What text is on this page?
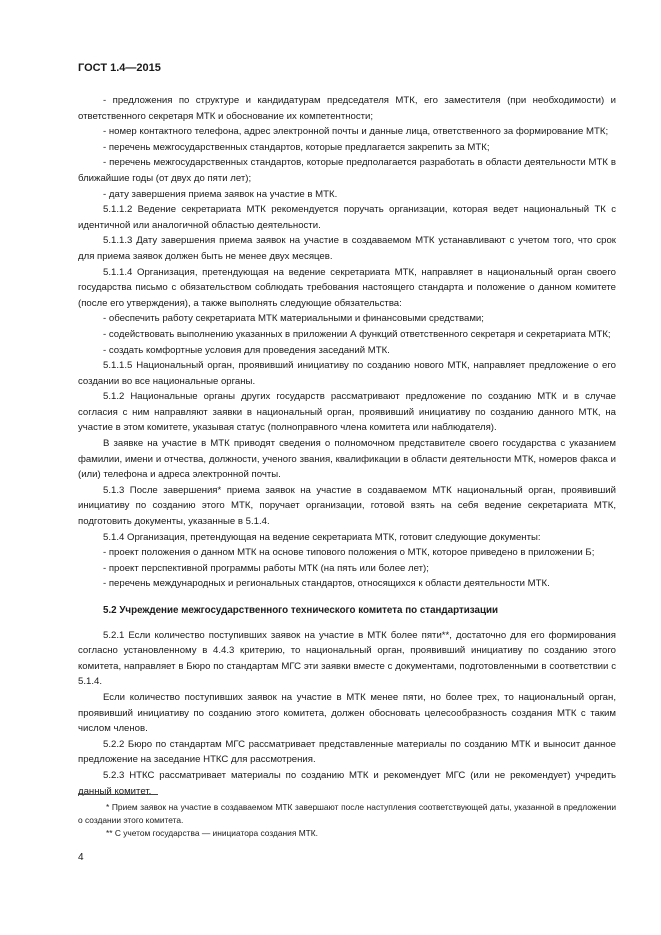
ГОСТ 1.4—2015

- предложения по структуре и кандидатурам председателя МТК, его заместителя (при необходимости) и ответственного секретаря МТК и обоснование их компетентности;

- номер контактного телефона, адрес электронной почты и данные лица, ответственного за формирование МТК;

- перечень межгосударственных стандартов, которые предлагается закрепить за МТК;

- перечень межгосударственных стандартов, которые предполагается разработать в области деятельности МТК в ближайшие годы (от двух до пяти лет);

- дату завершения приема заявок на участие в МТК.

5.1.1.2 Ведение секретариата МТК рекомендуется поручать организации, которая ведет национальный ТК с идентичной или аналогичной областью деятельности.

5.1.1.3 Дату завершения приема заявок на участие в создаваемом МТК устанавливают с учетом того, что срок для приема заявок должен быть не менее двух месяцев.

5.1.1.4 Организация, претендующая на ведение секретариата МТК, направляет в национальный орган своего государства письмо с обязательством соблюдать требования настоящего стандарта и положение о данном комитете (после его утверждения), а также выполнять следующие обязательства:

- обеспечить работу секретариата МТК материальными и финансовыми средствами;

- содействовать выполнению указанных в приложении А функций ответственного секретаря и секретариата МТК;

- создать комфортные условия для проведения заседаний МТК.

5.1.1.5 Национальный орган, проявивший инициативу по созданию нового МТК, направляет предложение о его создании во все национальные органы.

5.1.2 Национальные органы других государств рассматривают предложение по созданию МТК и в случае согласия с ним направляют заявки в национальный орган, проявивший инициативу по созданию данного МТК, на участие в этом комитете, указывая статус (полноправного члена комитета или наблюдателя).

В заявке на участие в МТК приводят сведения о полномочном представителе своего государства с указанием фамилии, имени и отчества, должности, ученого звания, квалификации в области деятельности МТК, номеров факса и (или) телефона и адреса электронной почты.

5.1.3 После завершения* приема заявок на участие в создаваемом МТК национальный орган, проявивший инициативу по созданию этого МТК, поручает организации, готовой взять на себя ведение секретариата МТК, подготовить документы, указанные в 5.1.4.

5.1.4 Организация, претендующая на ведение секретариата МТК, готовит следующие документы:

- проект положения о данном МТК на основе типового положения о МТК, которое приведено в приложении Б;

- проект перспективной программы работы МТК (на пять или более лет);

- перечень международных и региональных стандартов, относящихся к области деятельности МТК.

5.2 Учреждение межгосударственного технического комитета по стандартизации

5.2.1 Если количество поступивших заявок на участие в МТК более пяти**, достаточно для его формирования согласно установленному в 4.4.3 критерию, то национальный орган, проявивший инициативу по созданию этого комитета, направляет в Бюро по стандартам МГС эти заявки вместе с документами, подготовленными в соответствии с 5.1.4.

Если количество поступивших заявок на участие в МТК менее пяти, но более трех, то национальный орган, проявивший инициативу по созданию этого комитета, должен обосновать целесообразность создания МТК с таким числом членов.

5.2.2 Бюро по стандартам МГС рассматривает представленные материалы по созданию МТК и выносит данное предложение на заседание НТКС для рассмотрения.

5.2.3 НТКС рассматривает материалы по созданию МТК и рекомендует МГС (или не рекомендует) учредить данный комитет.

* Прием заявок на участие в создаваемом МТК завершают после наступления соответствующей даты, указанной в предложении о создании этого комитета.

** С учетом государства — инициатора создания МТК.

4
